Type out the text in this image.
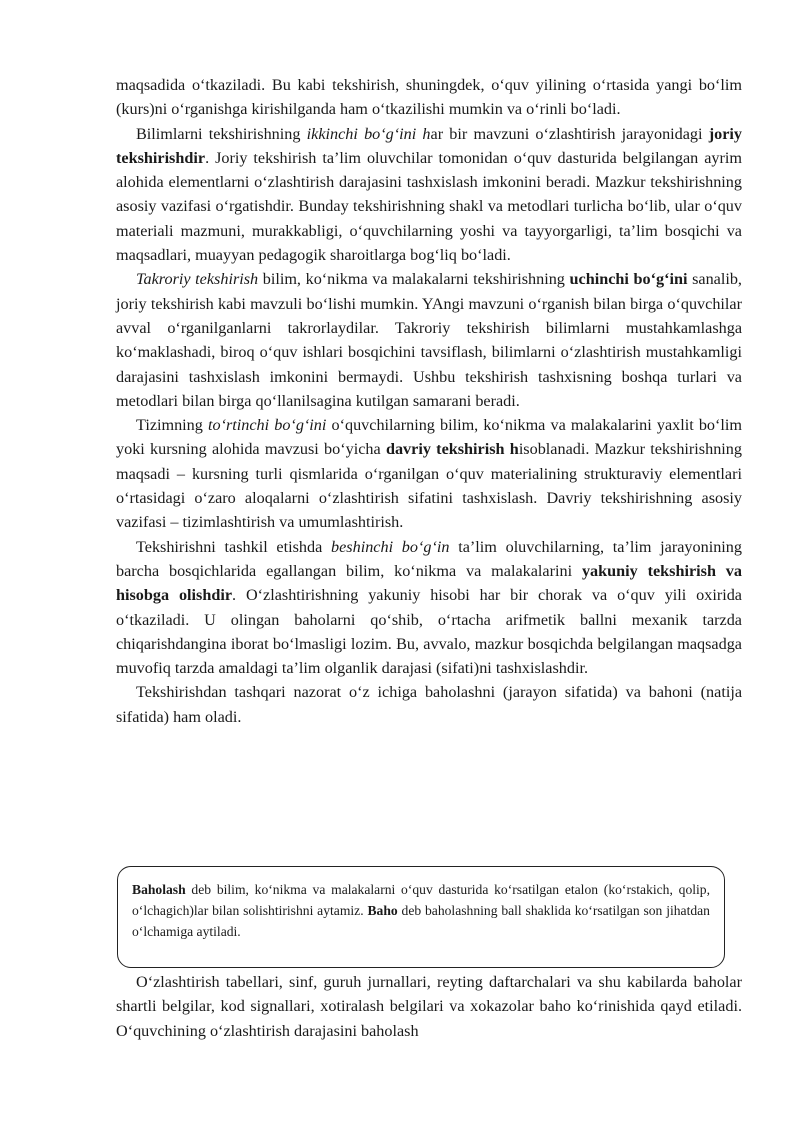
maqsadida o‘tkaziladi. Bu kabi tekshirish, shuningdek, o‘quv yilining o‘rtasida yangi bo‘lim (kurs)ni o‘rganishga kirishilganda ham o‘tkazilishi mumkin va o‘rinli bo‘ladi.

Bilimlarni tekshirishning ikkinchi bo‘g‘ini har bir mavzuni o‘zlashtirish jarayonidagi joriy tekshirishdir. Joriy tekshirish ta’lim oluvchilar tomonidan o‘quv dasturida belgilangan ayrim alohida elementlarni o‘zlashtirish darajasini tashxislash imkonini beradi. Mazkur tekshirishning asosiy vazifasi o‘rgatishdir. Bunday tekshirishning shakl va metodlari turlicha bo‘lib, ular o‘quv materiali mazmuni, murakkabligi, o‘quvchilarning yoshi va tayyorgarligi, ta’lim bosqichi va maqsadlari, muayyan pedagogik sharoitlarga bog‘liq bo‘ladi.

Takroriy tekshirish bilim, ko‘nikma va malakalarni tekshirishning uchinchi bo‘g‘ini sanalib, joriy tekshirish kabi mavzuli bo‘lishi mumkin. YAngi mavzuni o‘rganish bilan birga o‘quvchilar avval o‘rganilganlarni takrorlaydilar. Takroriy tekshirish bilimlarni mustahkamlashga ko‘maklashadi, biroq o‘quv ishlari bosqichini tavsiflash, bilimlarni o‘zlashtirish mustahkamligi darajasini tashxislash imkonini bermaydi. Ushbu tekshirish tashxisning boshqa turlari va metodlari bilan birga qo‘llanilsagina kutilgan samarani beradi.

Tizimning to‘rtinchi bo‘g‘ini o‘quvchilarning bilim, ko‘nikma va malakalarini yaxlit bo‘lim yoki kursning alohida mavzusi bo‘yicha davriy tekshirish hisoblanadi. Mazkur tekshirishning maqsadi – kursning turli qismlarida o‘rganilgan o‘quv materialining strukturaviy elementlari o‘rtasidagi o‘zaro aloqalarni o‘zlashtirish sifatini tashxislash. Davriy tekshirishning asosiy vazifasi – tizimlashtirish va umumlashtirish.

Tekshirishni tashkil etishda beshinchi bo‘g‘in ta’lim oluvchilarning, ta’lim jarayonining barcha bosqichlarida egallangan bilim, ko‘nikma va malakalarini yakuniy tekshirish va hisobga olishdir. O‘zlashtirishning yakuniy hisobi har bir chorak va o‘quv yili oxirida o‘tkaziladi. U olingan baholarni qo‘shib, o‘rtacha arifmetik ballni mexanik tarzda chiqarishdangina iborat bo‘lmasligi lozim. Bu, avvalo, mazkur bosqichda belgilangan maqsadga muvofiq tarzda amaldagi ta’lim olganlik darajasi (sifati)ni tashxislashdir.

Tekshirishdan tashqari nazorat o‘z ichiga baholashni (jarayon sifatida) va bahoni (natija sifatida) ham oladi.

Baholash deb bilim, ko‘nikma va malakalarni o‘quv dasturida ko‘rsatilgan etalon (ko‘rstakich, qolip, o‘lchagich)lar bilan solishtirishni aytamiz. Baho deb baholashning ball shaklida ko‘rsatilgan son jihatdan o‘lchamiga aytiladi.

O‘zlashtirish tabellari, sinf, guruh jurnallari, reyting daftarchalari va shu kabilarda baholar shartli belgilar, kod signallari, xotiralash belgilari va xokazolar baho ko‘rinishida qayd etiladi. O‘quvchining o‘zlashtirish darajasini baholash
